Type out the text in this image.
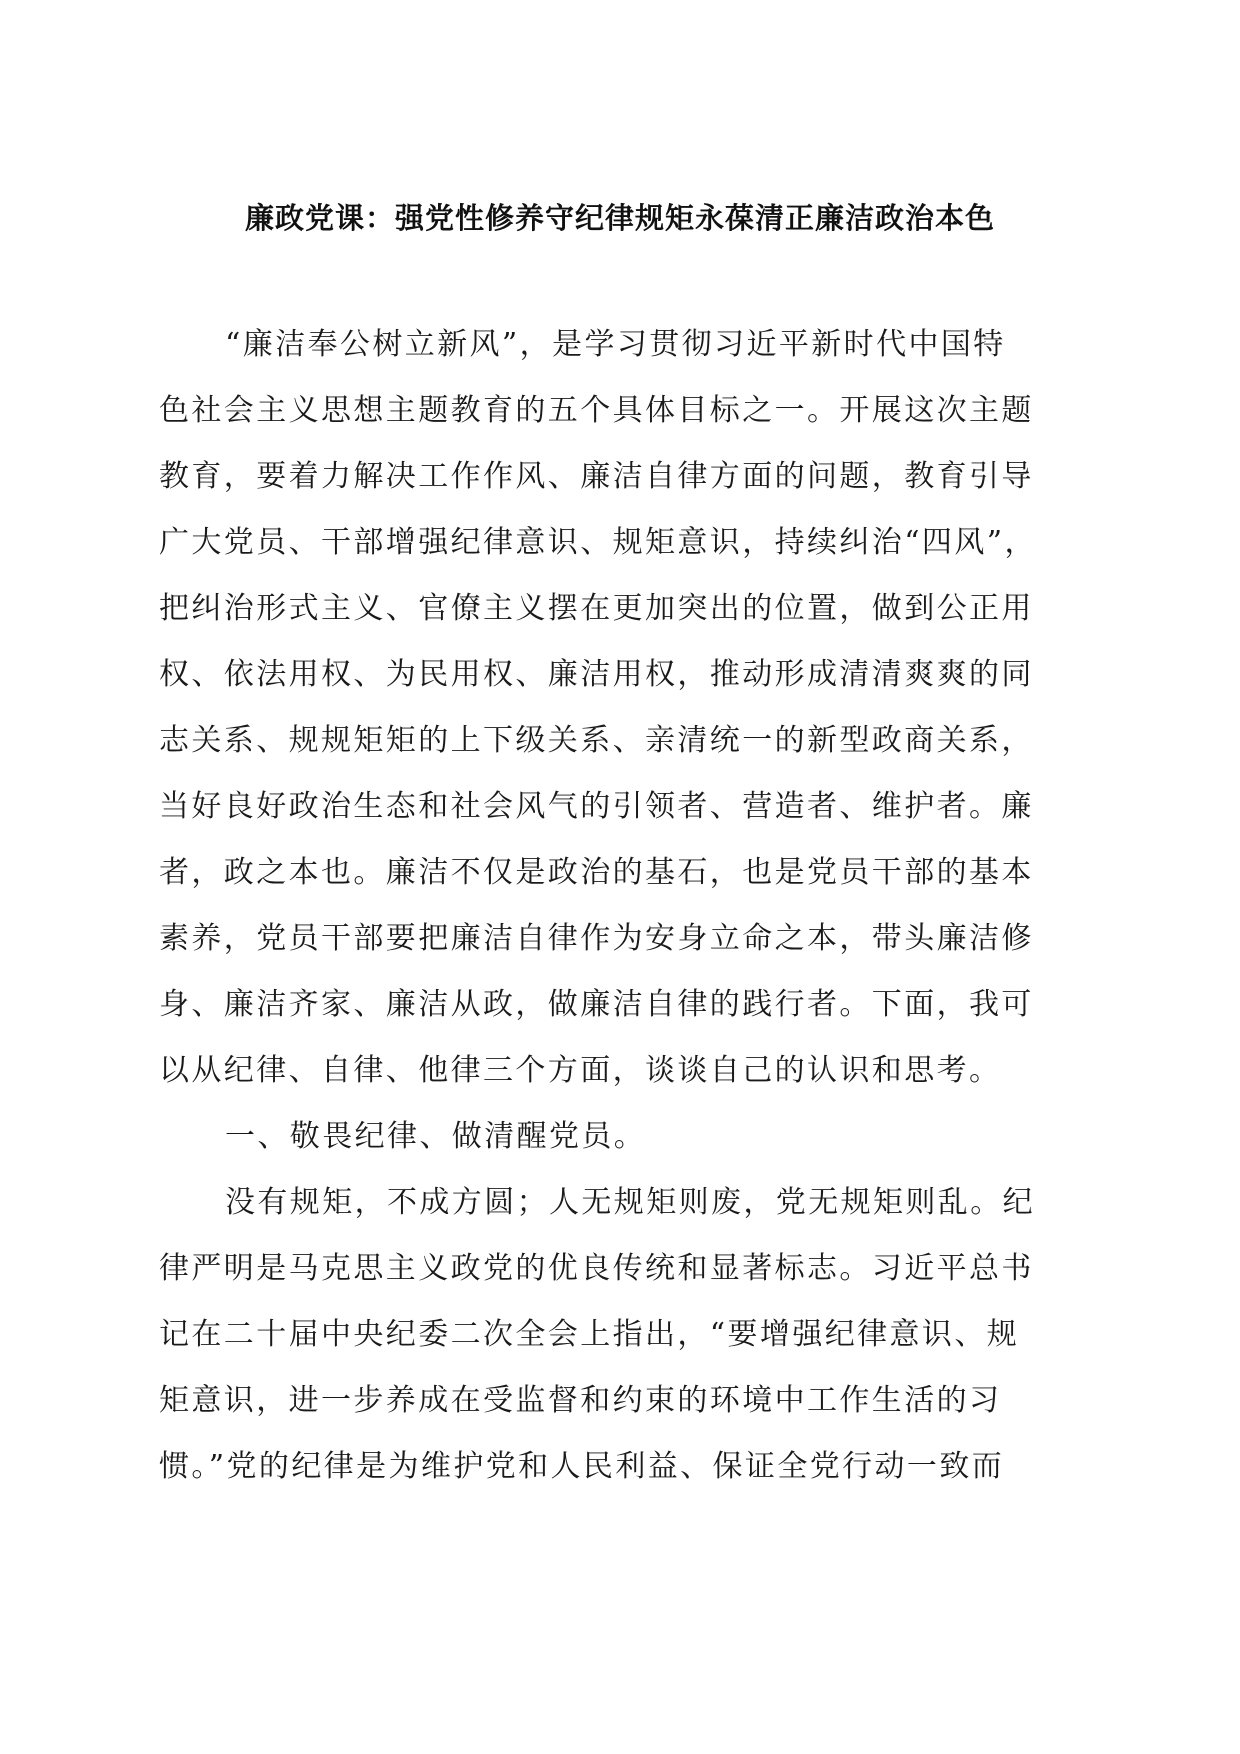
廉政党课：强党性修养守纪律规矩永葆清正廉洁政治本色
“廉洁奉公树立新风”，是学习贯彻习近平新时代中国特
色社会主义思想主题教育的五个具体目标之一。开展这次主题
教育，要着力解决工作作风、廉洁自律方面的问题，教育引导
广大党员、干部增强纪律意识、规矩意识，持续纠治“四风”，
把纠治形式主义、官僚主义摆在更加突出的位置，做到公正用
权、依法用权、为民用权、廉洁用权，推动形成清清爽爽的同
志关系、规规矩矩的上下级关系、亲清统一的新型政商关系，
当好良好政治生态和社会风气的引领者、营造者、维护者。廉
者，政之本也。廉洁不仅是政治的基石，也是党员干部的基本
素养，党员干部要把廉洁自律作为安身立命之本，带头廉洁修
身、廉洁齐家、廉洁从政，做廉洁自律的践行者。下面，我可
以从纪律、自律、他律三个方面，谈谈自己的认识和思考。
一、敬畏纪律、做清醒党员。
没有规矩，不成方圆；人无规矩则废，党无规矩则乱。纪
律严明是马克思主义政党的优良传统和显著标志。习近平总书
记在二十届中央纪委二次全会上指出，“要增强纪律意识、规
矩意识，进一步养成在受监督和约束的环境中工作生活的习
惯。”党的纪律是为维护党和人民利益、保证全党行动一致而
